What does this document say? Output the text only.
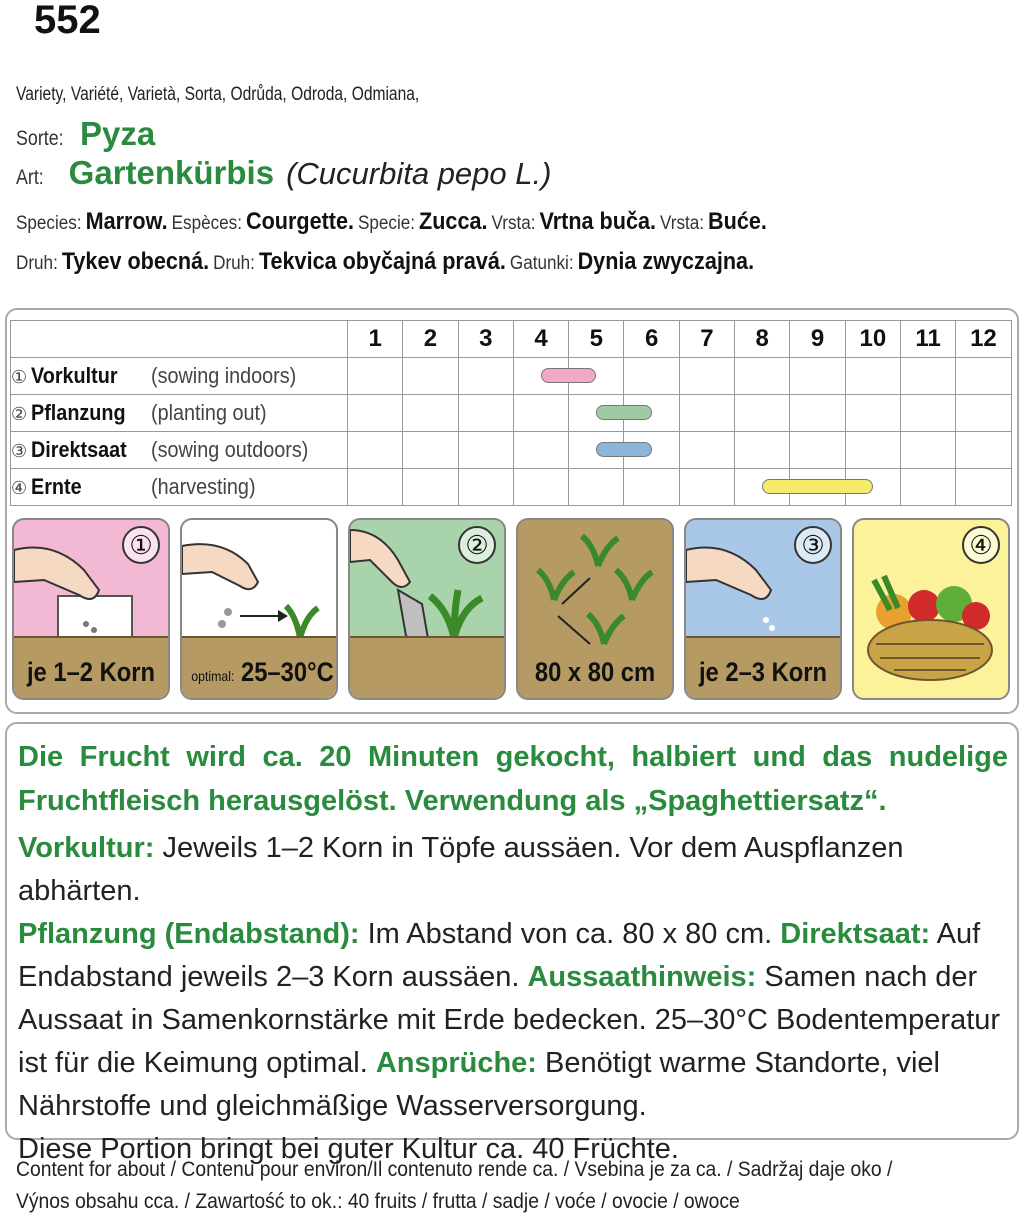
552
Variety, Variété, Varietà, Sorta, Odrůda, Odroda, Odmiana,
Sorte: Pyza
Art: Gartenkürbis (Cucurbita pepo L.)
Species: Marrow. Espèces: Courgette. Specie: Zucca. Vrsta: Vrtna buča. Vrsta: Buće.
Druh: Tykev obecná. Druh: Tekvica obyčajná pravá. Gatunki: Dynia zwyczajna.
	1	2	3	4	5	6	7	8	9	10	11	12
① Vorkultur (sowing indoors)												
② Pflanzung (planting out)												
③ Direktsaat (sowing outdoors)												
④ Ernte (harvesting)												
①
je 1–2 Korn	optimal: 25–30°C
②
80 x 80 cm
③
je 2–3 Korn
④
Die Frucht wird ca. 20 Minuten gekocht, halbiert und das nudelige Fruchtfleisch herausgelöst. Verwendung als „Spaghettiersatz“.
Vorkultur: Jeweils 1–2 Korn in Töpfe aussäen. Vor dem Auspflanzen abhärten.
Pflanzung (Endabstand): Im Abstand von ca. 80 x 80 cm. Direktsaat: Auf Endabstand jeweils 2–3 Korn aussäen. Aussaathinweis: Samen nach der Aussaat in Samenkornstärke mit Erde bedecken. 25–30°C Bodentemperatur ist für die Keimung optimal. Ansprüche: Benötigt warme Standorte, viel Nährstoffe und gleichmäßige Wasserversorgung.
Diese Portion bringt bei guter Kultur ca. 40 Früchte.
Content for about / Contenu pour environ/Il contenuto rende ca. / Vsebina je za ca. / Sadržaj daje oko /
Výnos obsahu cca. / Zawartość to ok.: 40 fruits / frutta / sadje / voće / ovocie / owoce
